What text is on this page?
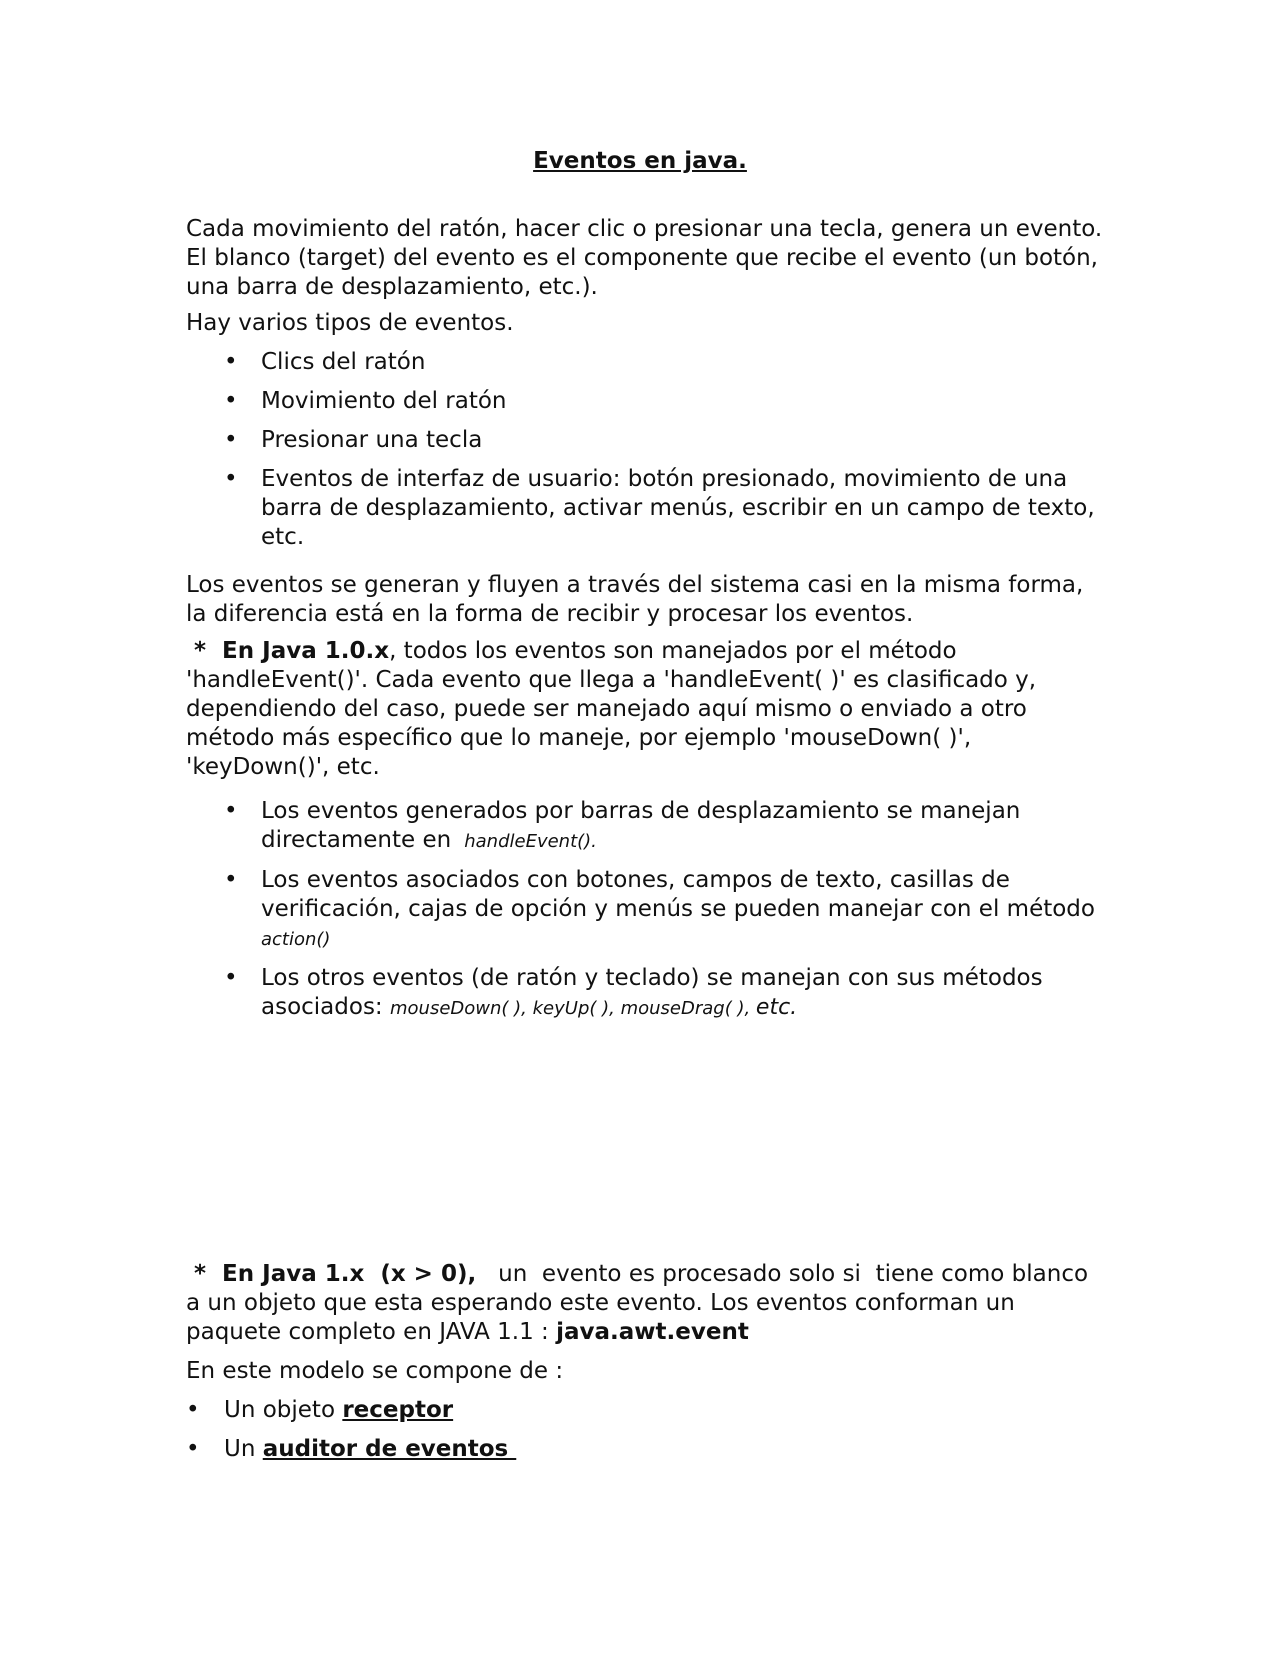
Eventos en java.

Cada movimiento del ratón, hacer clic o presionar una tecla, genera un evento. El blanco (target) del evento es el componente que recibe el evento (un botón, una barra de desplazamiento, etc.).

Hay varios tipos de eventos.

• Clics del ratón
• Movimiento del ratón
• Presionar una tecla
• Eventos de interfaz de usuario: botón presionado, movimiento de una barra de desplazamiento, activar menús, escribir en un campo de texto, etc.

Los eventos se generan y fluyen a través del sistema casi en la misma forma, la diferencia está en la forma de recibir y procesar los eventos.

*  En Java 1.0.x, todos los eventos son manejados por el método 'handleEvent()'. Cada evento que llega a 'handleEvent( )' es clasificado y, dependiendo del caso, puede ser manejado aquí mismo o enviado a otro método más específico que lo maneje, por ejemplo 'mouseDown( )', 'keyDown()', etc.

• Los eventos generados por barras de desplazamiento se manejan directamente en  handleEvent().
• Los eventos asociados con botones, campos de texto, casillas de verificación, cajas de opción y menús se pueden manejar con el método action()
• Los otros eventos (de ratón y teclado) se manejan con sus métodos asociados: mouseDown( ), keyUp( ), mouseDrag( ), etc.

*  En Java 1.x  (x > 0),   un  evento es procesado solo si  tiene como blanco a un objeto que esta esperando este evento. Los eventos conforman un paquete completo en JAVA 1.1 : java.awt.event

En este modelo se compone de :

• Un objeto receptor
• Un auditor de eventos
